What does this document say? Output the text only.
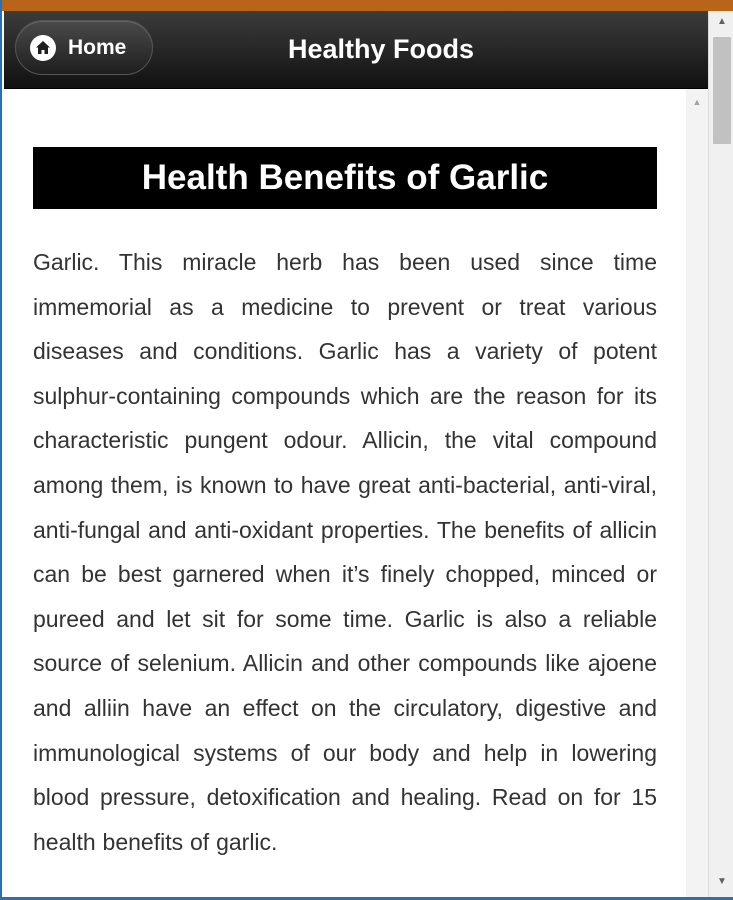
Home	Healthy Foods
Health Benefits of Garlic

Garlic. This miracle herb has been used since time immemorial as a medicine to prevent or treat various diseases and conditions. Garlic has a variety of potent sulphur-containing compounds which are the reason for its characteristic pungent odour. Allicin, the vital compound among them, is known to have great anti-bacterial, anti-viral, anti-fungal and anti-oxidant properties. The benefits of allicin can be best garnered when it’s finely chopped, minced or pureed and let sit for some time. Garlic is also a reliable source of selenium. Allicin and other compounds like ajoene and alliin have an effect on the circulatory, digestive and immunological systems of our body and help in lowering blood pressure, detoxification and healing. Read on for 15 health benefits of garlic.

▲
▲
▼
